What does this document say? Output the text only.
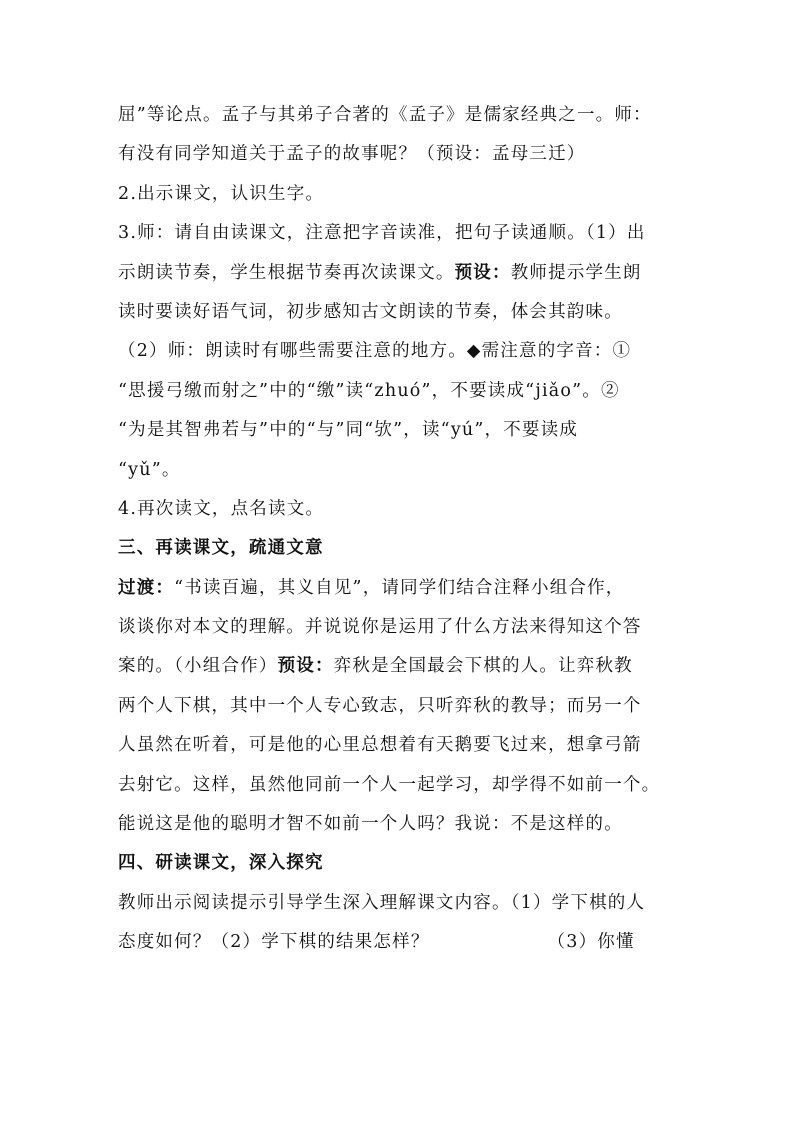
屈”等论点。孟子与其弟子合著的《孟子》是儒家经典之一。师：
有没有同学知道关于孟子的故事呢？（预设：孟母三迁）
2.出示课文，认识生字。
3.师：请自由读课文，注意把字音读准，把句子读通顺。（1）出
示朗读节奏，学生根据节奏再次读课文。预设：教师提示学生朗
读时要读好语气词，初步感知古文朗读的节奏，体会其韵味。
（2）师：朗读时有哪些需要注意的地方。◆需注意的字音：①
“思援弓缴而射之”中的“缴”读“zhuó”，不要读成“jiǎo”。②
“为是其智弗若与”中的“与”同“欤”，读“yú”，不要读成
“yǔ”。
4.再次读文，点名读文。
三、再读课文，疏通文意
过渡：“书读百遍，其义自见”，请同学们结合注释小组合作，
谈谈你对本文的理解。并说说你是运用了什么方法来得知这个答
案的。（小组合作）预设：弈秋是全国最会下棋的人。让弈秋教
两个人下棋，其中一个人专心致志，只听弈秋的教导；而另一个
人虽然在听着，可是他的心里总想着有天鹅要飞过来，想拿弓箭
去射它。这样，虽然他同前一个人一起学习，却学得不如前一个。
能说这是他的聪明才智不如前一个人吗？我说：不是这样的。
四、研读课文，深入探究
教师出示阅读提示引导学生深入理解课文内容。（1）学下棋的人
态度如何？（2）学下棋的结果怎样？	（3）你懂
